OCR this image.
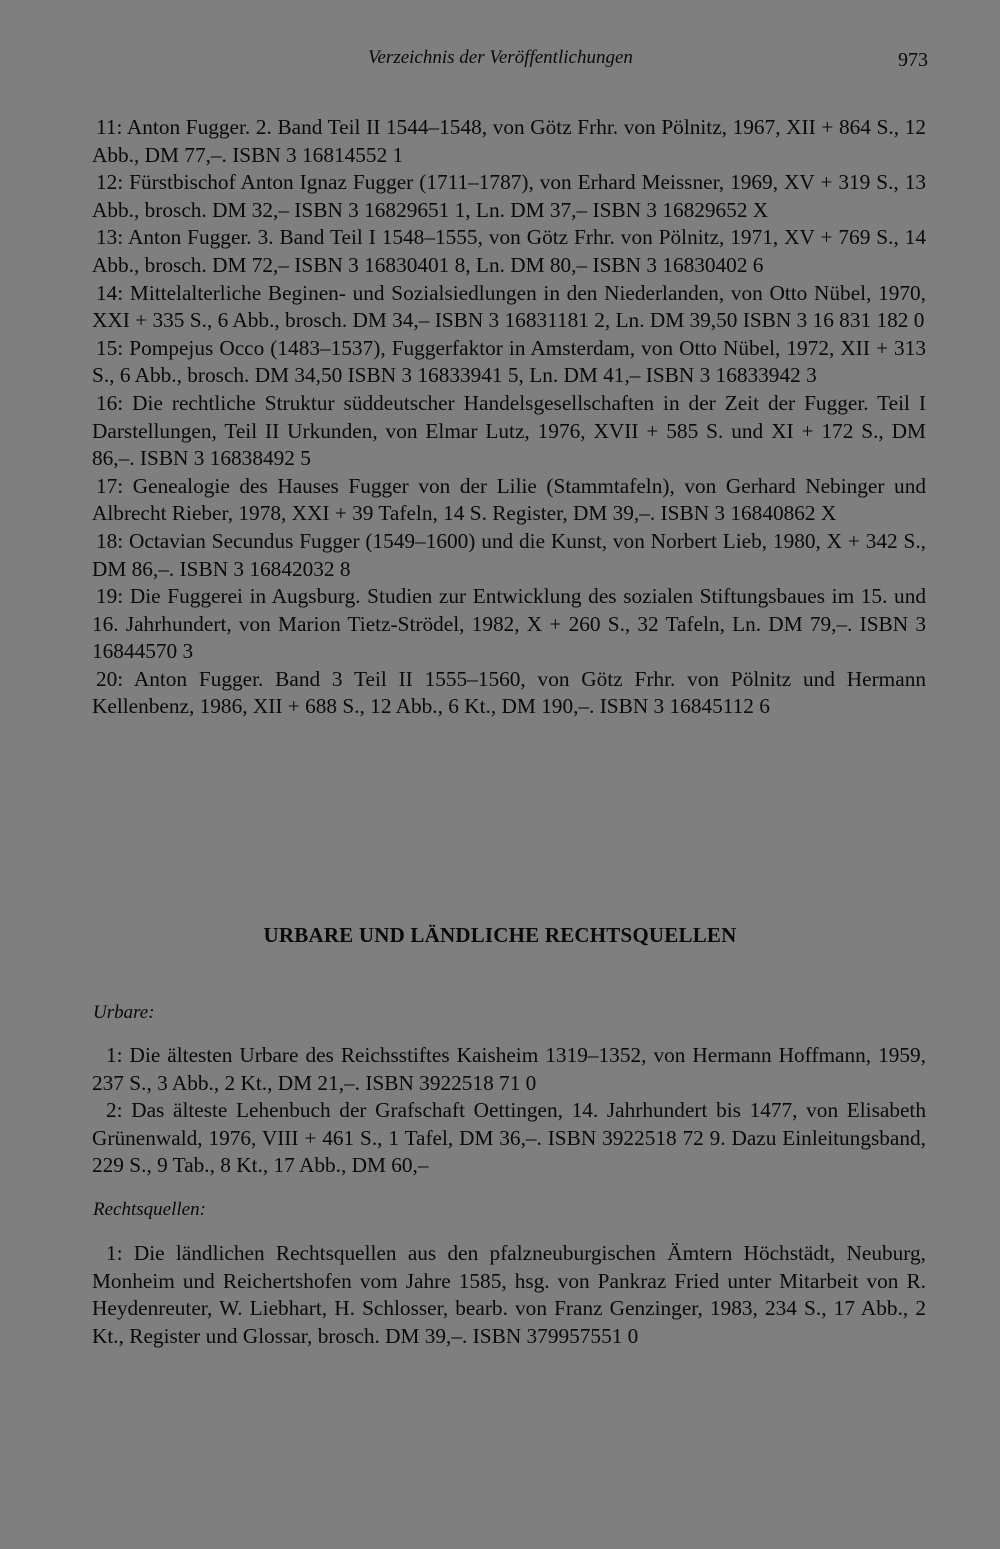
Verzeichnis der Veröffentlichungen	973

11: Anton Fugger. 2. Band Teil II 1544–1548, von Götz Frhr. von Pölnitz, 1967, XII + 864 S., 12 Abb., DM 77,–. ISBN 3 16814552 1

12: Fürstbischof Anton Ignaz Fugger (1711–1787), von Erhard Meissner, 1969, XV + 319 S., 13 Abb., brosch. DM 32,– ISBN 3 16829651 1, Ln. DM 37,– ISBN 3 16829652 X

13: Anton Fugger. 3. Band Teil I 1548–1555, von Götz Frhr. von Pölnitz, 1971, XV + 769 S., 14 Abb., brosch. DM 72,– ISBN 3 16830401 8, Ln. DM 80,– ISBN 3 16830402 6

14: Mittelalterliche Beginen- und Sozialsiedlungen in den Niederlanden, von Otto Nübel, 1970, XXI + 335 S., 6 Abb., brosch. DM 34,– ISBN 3 16831181 2, Ln. DM 39,50 ISBN 3 16 831 182 0

15: Pompejus Occo (1483–1537), Fuggerfaktor in Amsterdam, von Otto Nübel, 1972, XII + 313 S., 6 Abb., brosch. DM 34,50 ISBN 3 16833941 5, Ln. DM 41,– ISBN 3 16833942 3

16: Die rechtliche Struktur süddeutscher Handelsgesellschaften in der Zeit der Fugger. Teil I Darstellungen, Teil II Urkunden, von Elmar Lutz, 1976, XVII + 585 S. und XI + 172 S., DM 86,–. ISBN 3 16838492 5

17: Genealogie des Hauses Fugger von der Lilie (Stammtafeln), von Gerhard Nebinger und Albrecht Rieber, 1978, XXI + 39 Tafeln, 14 S. Register, DM 39,–. ISBN 3 16840862 X

18: Octavian Secundus Fugger (1549–1600) und die Kunst, von Norbert Lieb, 1980, X + 342 S., DM 86,–. ISBN 3 16842032 8

19: Die Fuggerei in Augsburg. Studien zur Entwicklung des sozialen Stiftungsbaues im 15. und 16. Jahrhundert, von Marion Tietz-Strödel, 1982, X + 260 S., 32 Tafeln, Ln. DM 79,–. ISBN 3 16844570 3

20: Anton Fugger. Band 3 Teil II 1555–1560, von Götz Frhr. von Pölnitz und Hermann Kellenbenz, 1986, XII + 688 S., 12 Abb., 6 Kt., DM 190,–. ISBN 3 16845112 6

URBARE UND LÄNDLICHE RECHTSQUELLEN
Urbare:

1: Die ältesten Urbare des Reichsstiftes Kaisheim 1319–1352, von Hermann Hoffmann, 1959, 237 S., 3 Abb., 2 Kt., DM 21,–. ISBN 3922518 71 0

2: Das älteste Lehenbuch der Grafschaft Oettingen, 14. Jahrhundert bis 1477, von Elisabeth Grünenwald, 1976, VIII + 461 S., 1 Tafel, DM 36,–. ISBN 3922518 72 9. Dazu Einleitungsband, 229 S., 9 Tab., 8 Kt., 17 Abb., DM 60,–

Rechtsquellen:

1: Die ländlichen Rechtsquellen aus den pfalzneuburgischen Ämtern Höchstädt, Neuburg, Monheim und Reichertshofen vom Jahre 1585, hsg. von Pankraz Fried unter Mitarbeit von R. Heydenreuter, W. Liebhart, H. Schlosser, bearb. von Franz Genzinger, 1983, 234 S., 17 Abb., 2 Kt., Register und Glossar, brosch. DM 39,–. ISBN 379957551 0
